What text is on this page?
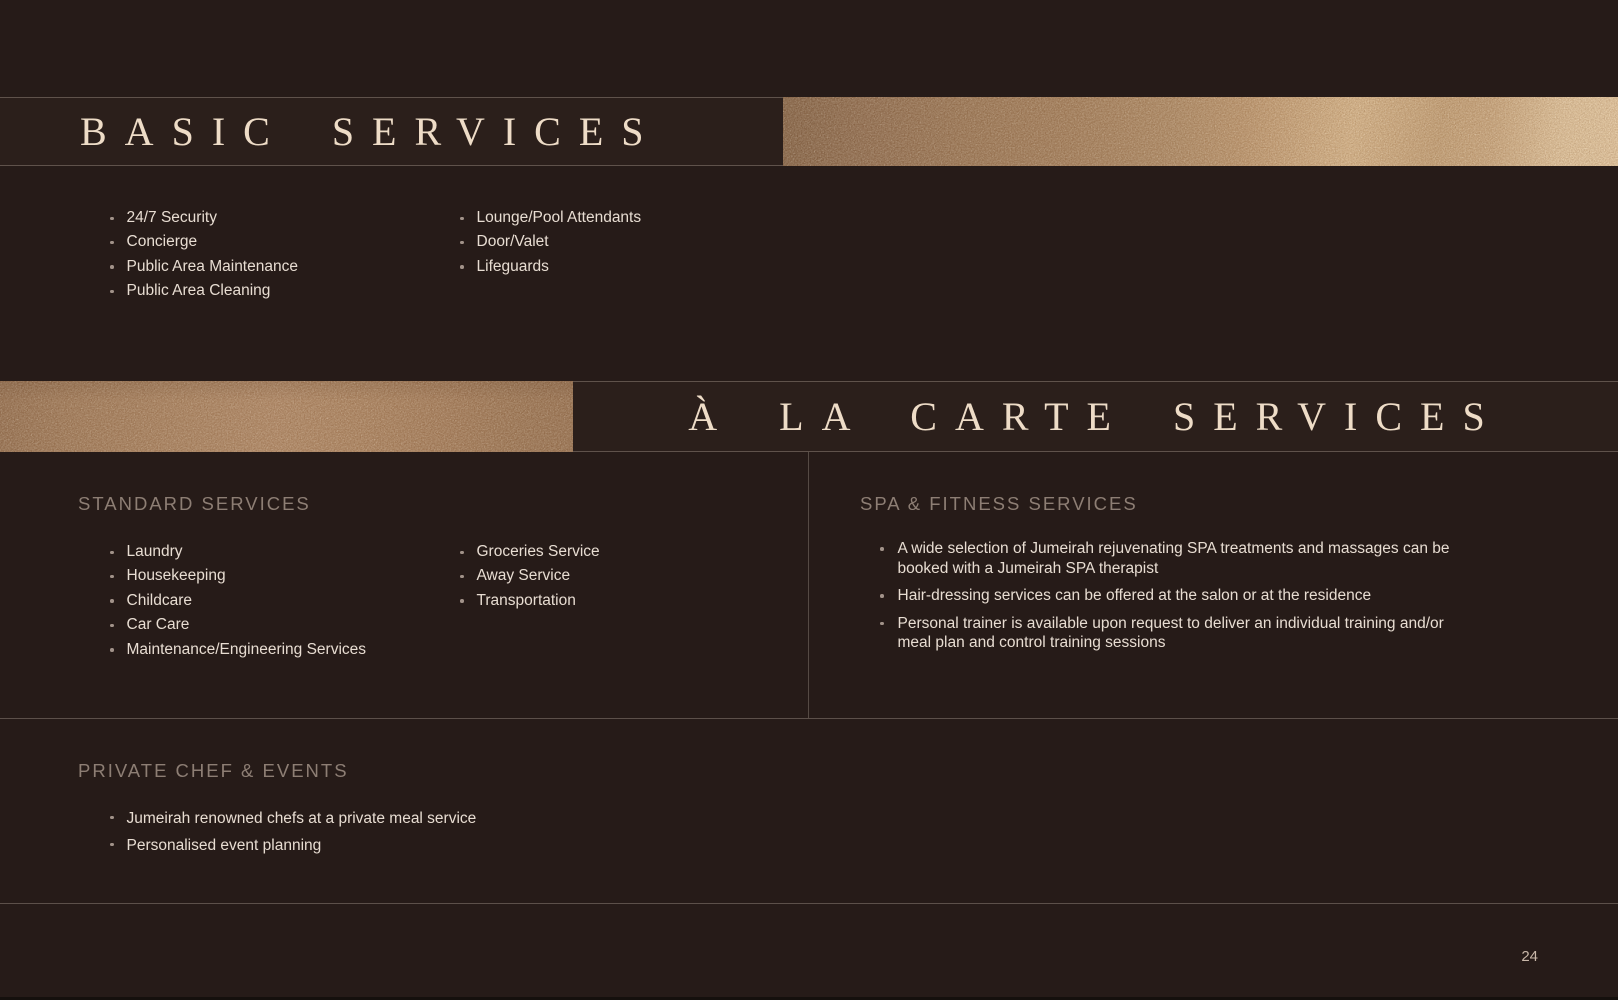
BASIC SERVICES
24/7 Security
Concierge
Public Area Maintenance
Public Area Cleaning
Lounge/Pool Attendants
Door/Valet
Lifeguards
À LA CARTE SERVICES
STANDARD SERVICES
Laundry
Housekeeping
Childcare
Car Care
Maintenance/Engineering Services
Groceries Service
Away Service
Transportation
SPA & FITNESS SERVICES
A wide selection of Jumeirah rejuvenating SPA treatments and massages can be booked with a Jumeirah SPA therapist
Hair-dressing services can be offered at the salon or at the residence
Personal trainer is available upon request to deliver an individual training and/or meal plan and control training sessions
PRIVATE CHEF & EVENTS
Jumeirah renowned chefs at a private meal service
Personalised event planning
24
